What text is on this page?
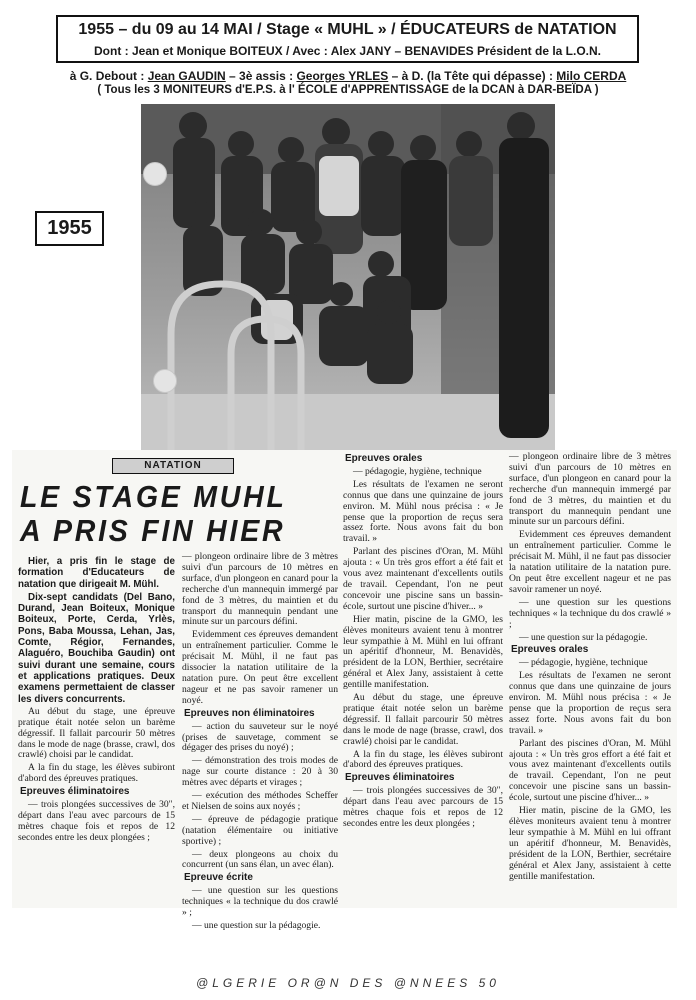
1955 – du 09 au 14 MAI / Stage « MUHL » / ÉDUCATEURS de NATATION
Dont : Jean et Monique BOITEUX / Avec : Alex JANY – BENAVIDES Président de la L.O.N.
à G. Debout : Jean GAUDIN – 3è assis : Georges YRLES – à D. (la Tête qui dépasse) : Milo CERDA
( Tous les 3 MONITEURS d'E.P.S. à l' ÉCOLE d'APPRENTISSAGE de la DCAN à DAR-BEÏDA )
1955
NATATION
LE STAGE MUHL
A PRIS FIN HIER

Hier, a pris fin le stage de formation d'Educateurs de natation que dirigeait M. Mühl.

Dix-sept candidats (Del Bano, Durand, Jean Boiteux, Monique Boiteux, Porte, Cerda, Yrlès, Pons, Baba Moussa, Lehan, Jas, Comte, Régior, Fernandes, Alaguéro, Bouchiba Gaudin) ont suivi durant une semaine, cours et applications pratiques. Deux examens permettaient de classer les divers concurrents.

Au début du stage, une épreuve pratique était notée selon un barème dégressif. Il fallait parcourir 50 mètres dans le mode de nage (brasse, crawl, dos crawlé) choisi par le candidat.

A la fin du stage, les élèves subiront d'abord des épreuves pratiques.

Epreuves éliminatoires

— trois plongées successives de 30", départ dans l'eau avec parcours de 15 mètres chaque fois et repos de 12 secondes entre les deux plongées ;

— plongeon ordinaire libre de 3 mètres suivi d'un parcours de 10 mètres en surface, d'un plongeon en canard pour la recherche d'un mannequin immergé par fond de 3 mètres, du maintien et du transport du mannequin pendant une minute sur un parcours défini.

Evidemment ces épreuves demandent un entraînement particulier. Comme le précisait M. Mühl, il ne faut pas dissocier la natation utilitaire de la natation pure. On peut être excellent nageur et ne pas savoir ramener un noyé.

Epreuves non éliminatoires

— action du sauveteur sur le noyé (prises de sauvetage, comment se dégager des prises du noyé) ;

— démonstration des trois modes de nage sur courte distance : 20 à 30 mètres avec départs et virages ;

— exécution des méthodes Scheffer et Nielsen de soins aux noyés ;

— épreuve de pédagogie pratique (natation élémentaire ou initiative sportive) ;

— deux plongeons au choix du concurrent (un sans élan, un avec élan).

Epreuve écrite

— une question sur les questions techniques « la technique du dos crawlé » ;

— une question sur la pédagogie.

Epreuves orales

— pédagogie, hygiène, technique

Les résultats de l'examen ne seront connus que dans une quinzaine de jours environ. M. Mühl nous précisa : « Je pense que la proportion de reçus sera assez forte. Nous avons fait du bon travail. »

Parlant des piscines d'Oran, M. Mühl ajouta : « Un très gros effort a été fait et vous avez maintenant d'excellents outils de travail. Cependant, l'on ne peut concevoir une piscine sans un bassin-école, surtout une piscine d'hiver... »

Hier matin, piscine de la GMO, les élèves moniteurs avaient tenu à montrer leur sympathie à M. Mühl en lui offrant un apéritif d'honneur, M. Benavidès, président de la LON, Berthier, secrétaire général et Alex Jany, assistaient à cette gentille manifestation.

Au début du stage, une épreuve pratique était notée selon un barème dégressif. Il fallait parcourir 50 mètres dans le mode de nage (brasse, crawl, dos crawlé) choisi par le candidat.

A la fin du stage, les élèves subiront d'abord des épreuves pratiques.

Epreuves éliminatoires

— trois plongées successives de 30", départ dans l'eau avec parcours de 15 mètres chaque fois et repos de 12 secondes entre les deux plongées ;

— plongeon ordinaire libre de 3 mètres suivi d'un parcours de 10 mètres en surface, d'un plongeon en canard pour la recherche d'un mannequin immergé par fond de 3 mètres, du maintien et du transport du mannequin pendant une minute sur un parcours défini.

Evidemment ces épreuves demandent un entraînement particulier. Comme le précisait M. Mühl, il ne faut pas dissocier la natation utilitaire de la natation pure. On peut être excellent nageur et ne pas savoir ramener un noyé.

— une question sur les questions techniques « la technique du dos crawlé » ;

— une question sur la pédagogie.

Epreuves orales

— pédagogie, hygiène, technique

Les résultats de l'examen ne seront connus que dans une quinzaine de jours environ. M. Mühl nous précisa : « Je pense que la proportion de reçus sera assez forte. Nous avons fait du bon travail. »

Parlant des piscines d'Oran, M. Mühl ajouta : « Un très gros effort a été fait et vous avez maintenant d'excellents outils de travail. Cependant, l'on ne peut concevoir une piscine sans un bassin-école, surtout une piscine d'hiver... »

Hier matin, piscine de la GMO, les élèves moniteurs avaient tenu à montrer leur sympathie à M. Mühl en lui offrant un apéritif d'honneur, M. Benavidès, président de la LON, Berthier, secrétaire général et Alex Jany, assistaient à cette gentille manifestation.

@LGERIE OR@N DES @NNEES 50
